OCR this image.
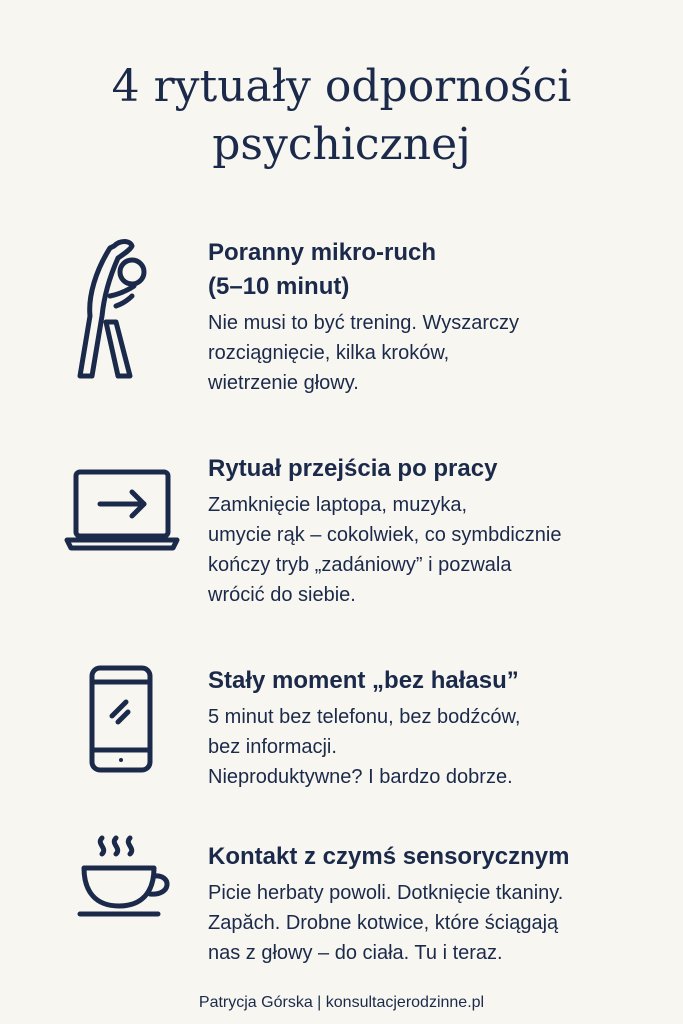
4 rytuały odporności
psychicznej
Poranny mikro-ruch
(5–10 minut)
Nie musi to być trening. Wyszarczy
rozciągnięcie, kilka kroków,
wietrzenie głowy.
Rytuał przejścia po pracy
Zamknięcie laptopa, muzyka,
umycie rąk – cokolwiek, co symbdicznie
kończy tryb „zadániowy” i pozwala
wrócić do siebie.
Stały moment „bez hałasu”
5 minut bez telefonu, bez bodźców,
bez informacji.
Nieproduktywne? I bardzo dobrze.
Kontakt z czymś sensorycznym
Picie herbaty powoli. Dotknięcie tkaniny.
Zapăch. Drobne kotwice, które ściągają
nas z głowy – do ciała. Tu i teraz.
Patrycja Górska | konsultacjerodzinne.pl
